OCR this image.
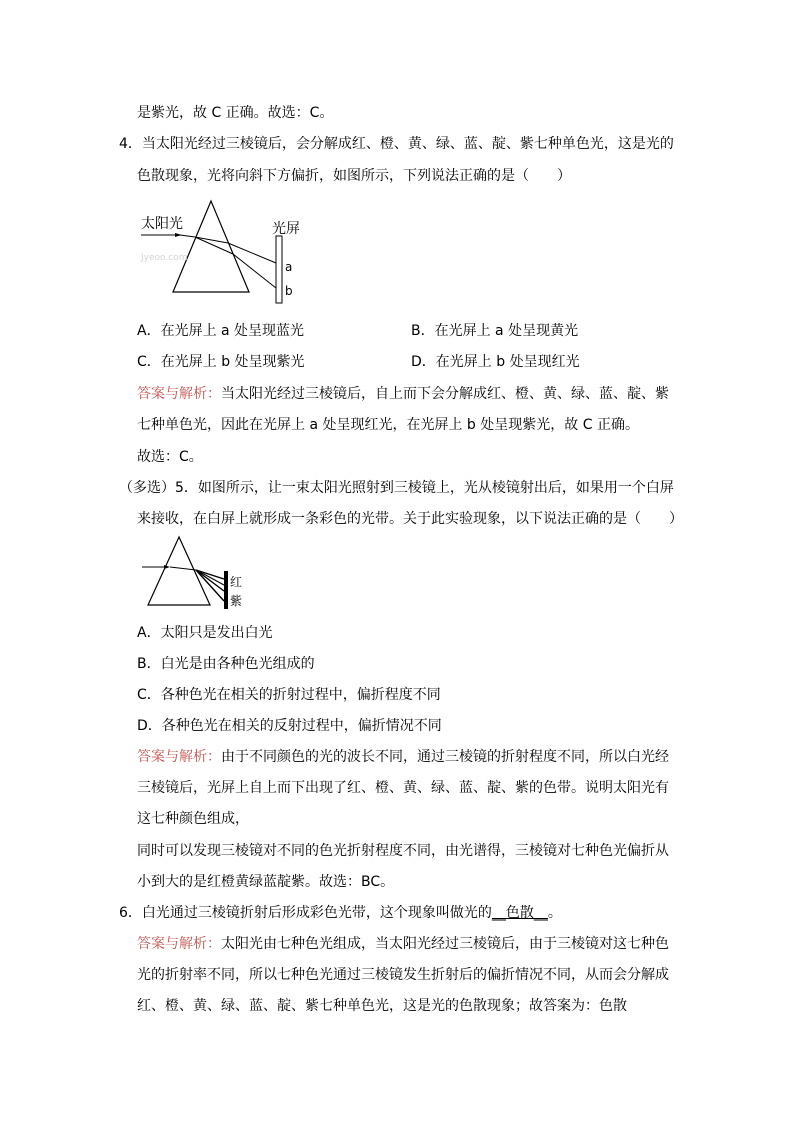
是紫光，故 C 正确。故选：C。
4．当太阳光经过三棱镜后，会分解成红、橙、黄、绿、蓝、靛、紫七种单色光，这是光的
色散现象，光将向斜下方偏折，如图所示，下列说法正确的是（　　）
太阳光	光屏
a
b
Jyeoo.com
A．在光屏上 a 处呈现蓝光	B．在光屏上 a 处呈现黄光
C．在光屏上 b 处呈现紫光	D．在光屏上 b 处呈现红光
答案与解析：当太阳光经过三棱镜后，自上而下会分解成红、橙、黄、绿、蓝、靛、紫
七种单色光，因此在光屏上 a 处呈现红光，在光屏上 b 处呈现紫光，故 C 正确。
故选：C。
（多选）5．如图所示，让一束太阳光照射到三棱镜上，光从棱镜射出后，如果用一个白屏
来接收，在白屏上就形成一条彩色的光带。关于此实验现象，以下说法正确的是（　　）
红
紫
A．太阳只是发出白光
B．白光是由各种色光组成的
C．各种色光在相关的折射过程中，偏折程度不同
D．各种色光在相关的反射过程中，偏折情况不同
答案与解析：由于不同颜色的光的波长不同，通过三棱镜的折射程度不同，所以白光经
三棱镜后，光屏上自上而下出现了红、橙、黄、绿、蓝、靛、紫的色带。说明太阳光有
这七种颜色组成，
同时可以发现三棱镜对不同的色光折射程度不同，由光谱得，三棱镜对七种色光偏折从
小到大的是红橙黄绿蓝靛紫。故选：BC。
6．白光通过三棱镜折射后形成彩色光带，这个现象叫做光的__色散__。
答案与解析：太阳光由七种色光组成，当太阳光经过三棱镜后，由于三棱镜对这七种色
光的折射率不同，所以七种色光通过三棱镜发生折射后的偏折情况不同，从而会分解成
红、橙、黄、绿、蓝、靛、紫七种单色光，这是光的色散现象；故答案为：色散
